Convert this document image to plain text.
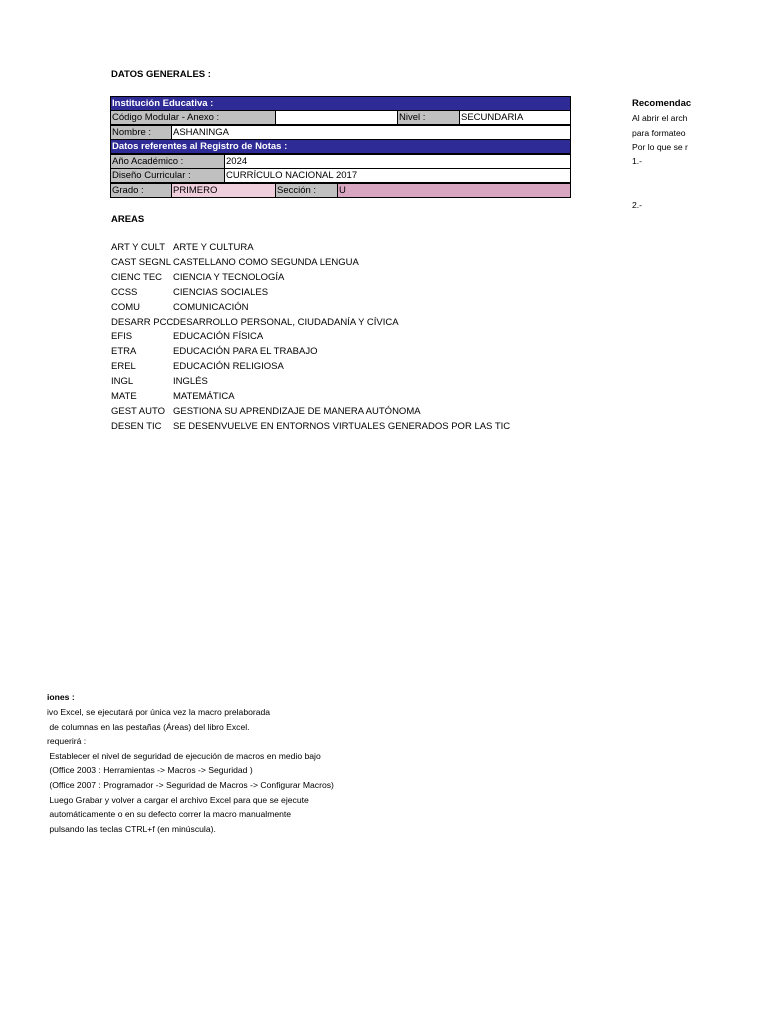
DATOS GENERALES :
Institución Educativa :
Código Modular - Anexo :	Nivel :	SECUNDARIA
Nombre :	ASHANINGA
Datos referentes al Registro de Notas :
Año Académico :	2024
Diseño Curricular :	CURRÍCULO NACIONAL 2017
Grado :	PRIMERO	Sección :	U
AREAS
ART Y CULT ARTE Y CULTURA
CAST SEGNL CASTELLANO COMO SEGUNDA LENGUA
CIENC TEC	CIENCIA Y TECNOLOGÍA
CCSS	CIENCIAS SOCIALES
COMU	COMUNICACIÓN
DESARR PCC DESARROLLO PERSONAL, CIUDADANÍA Y CÍVICA
EFIS	EDUCACIÓN FÍSICA
ETRA	EDUCACIÓN PARA EL TRABAJO
EREL	EDUCACIÓN RELIGIOSA
INGL	INGLÉS
MATE	MATEMÁTICA
GEST AUTO GESTIONA SU APRENDIZAJE DE MANERA AUTÓNOMA
DESEN TIC	SE DESENVUELVE EN ENTORNOS VIRTUALES GENERADOS POR LAS TIC
Recomendac
Al abrir el arch
para formateo
Por lo que se r
1.-
2.-
iones :
ivo Excel, se ejecutará por única vez la macro prelaborada
de columnas en las pestañas (Áreas) del libro Excel.
requerirá :
Establecer el nivel de seguridad de ejecución de macros en medio bajo
(Office 2003 : Herramientas -> Macros -> Seguridad )
(Office 2007 : Programador -> Seguridad de Macros -> Configurar Macros)
Luego Grabar y volver a cargar el archivo Excel para que se ejecute
automáticamente o en su defecto correr la macro manualmente
pulsando las teclas CTRL+f (en minúscula).
